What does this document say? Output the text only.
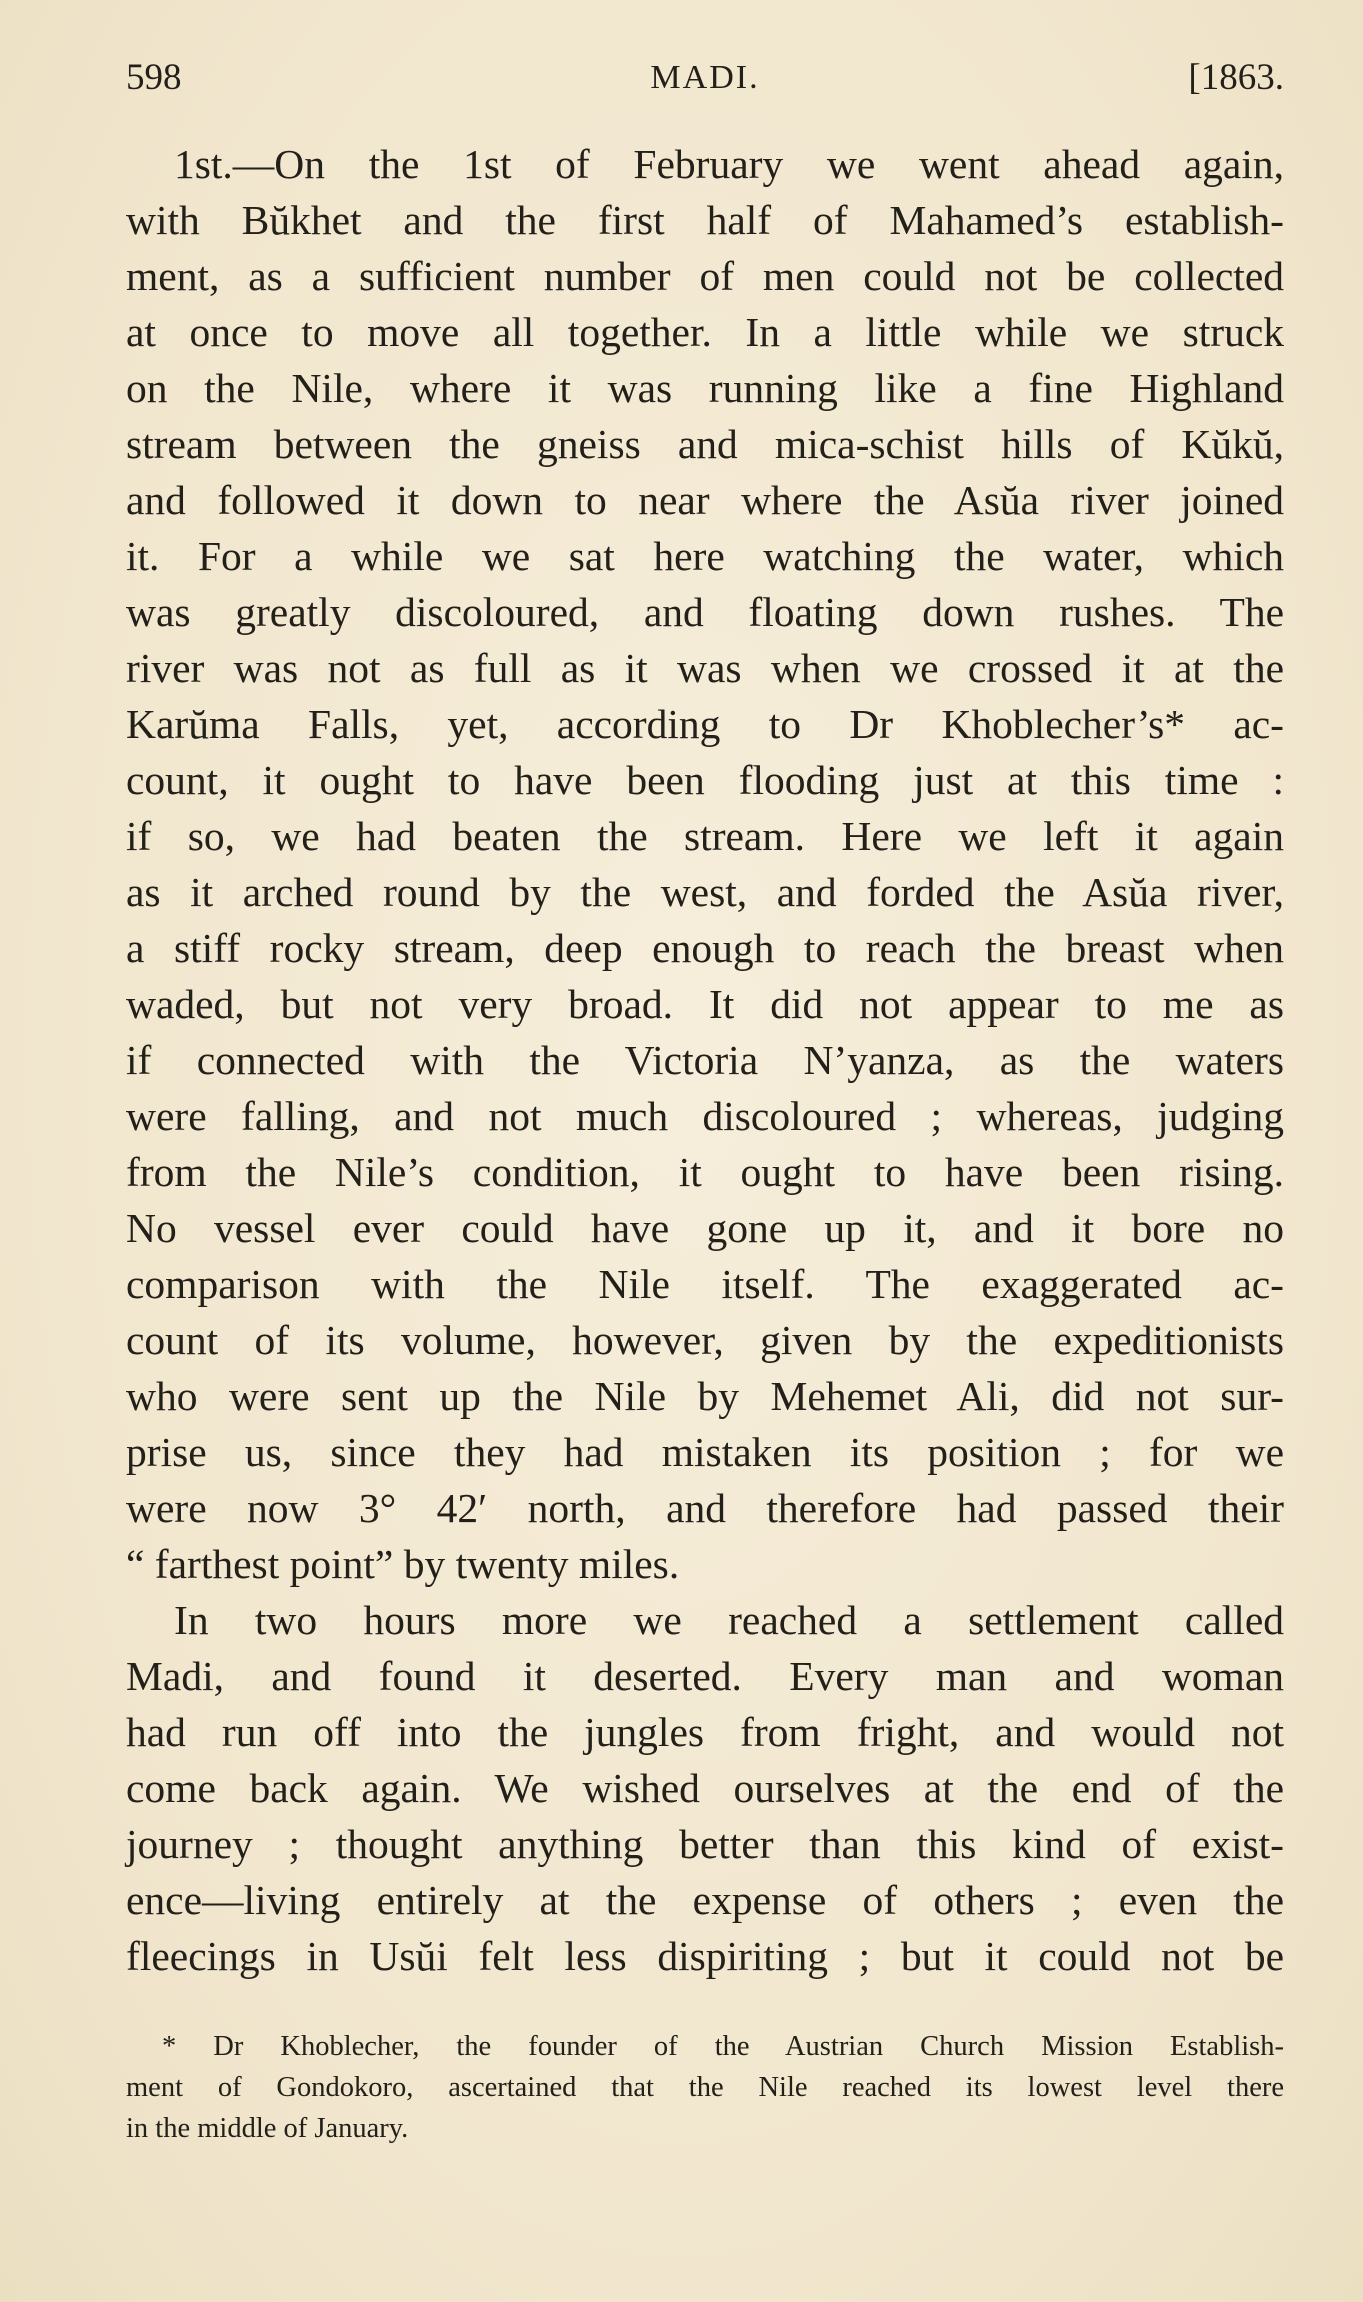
598	MADI.	[1863.
1st.—On the 1st of February we went ahead again,
with Bŭkhet and the first half of Mahamed’s establish-
ment, as a sufficient number of men could not be collected
at once to move all together. In a little while we struck
on the Nile, where it was running like a fine Highland
stream between the gneiss and mica-schist hills of Kŭkŭ,
and followed it down to near where the Asŭa river joined
it. For a while we sat here watching the water, which
was greatly discoloured, and floating down rushes. The
river was not as full as it was when we crossed it at the
Karŭma Falls, yet, according to Dr Khoblecher’s* ac-
count, it ought to have been flooding just at this time :
if so, we had beaten the stream. Here we left it again
as it arched round by the west, and forded the Asŭa river,
a stiff rocky stream, deep enough to reach the breast when
waded, but not very broad. It did not appear to me as
if connected with the Victoria N’yanza, as the waters
were falling, and not much discoloured ; whereas, judging
from the Nile’s condition, it ought to have been rising.
No vessel ever could have gone up it, and it bore no
comparison with the Nile itself. The exaggerated ac-
count of its volume, however, given by the expeditionists
who were sent up the Nile by Mehemet Ali, did not sur-
prise us, since they had mistaken its position ; for we
were now 3° 42′ north, and therefore had passed their
“ farthest point” by twenty miles.
In two hours more we reached a settlement called
Madi, and found it deserted. Every man and woman
had run off into the jungles from fright, and would not
come back again. We wished ourselves at the end of the
journey ; thought anything better than this kind of exist-
ence—living entirely at the expense of others ; even the
fleecings in Usŭi felt less dispiriting ; but it could not be
* Dr Khoblecher, the founder of the Austrian Church Mission Establish-
ment of Gondokoro, ascertained that the Nile reached its lowest level there
in the middle of January.
